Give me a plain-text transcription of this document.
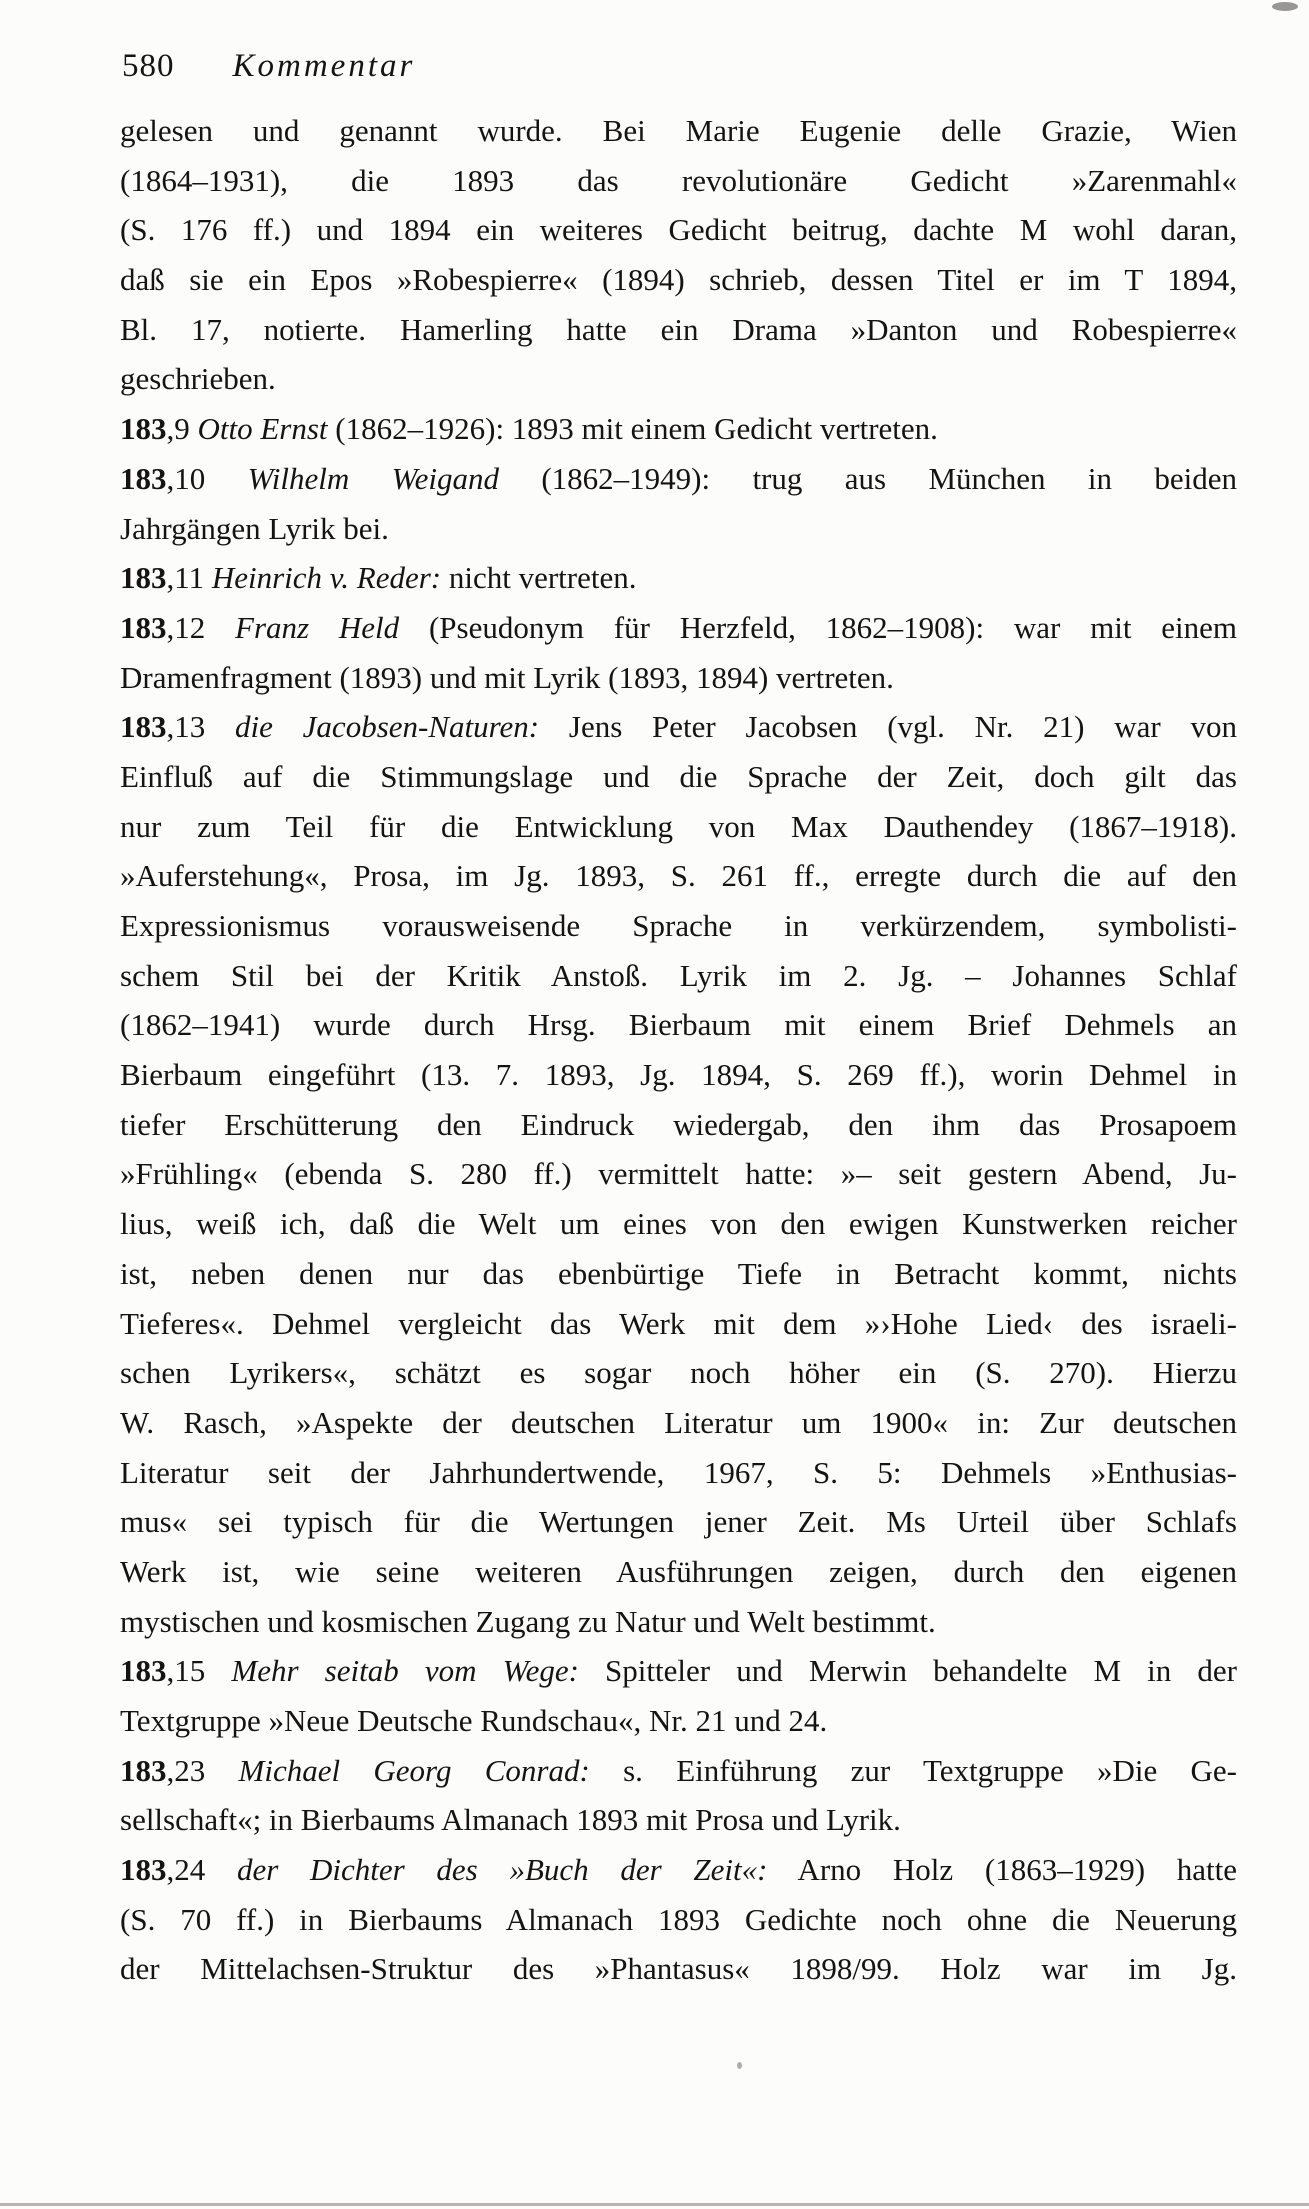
580 Kommentar
gelesen und genannt wurde. Bei Marie Eugenie delle Grazie, Wien
(1864–1931), die 1893 das revolutionäre Gedicht »Zarenmahl«
(S. 176 ff.) und 1894 ein weiteres Gedicht beitrug, dachte M wohl daran,
daß sie ein Epos »Robespierre« (1894) schrieb, dessen Titel er im T 1894,
Bl. 17, notierte. Hamerling hatte ein Drama »Danton und Robespierre«
geschrieben.
183,9 Otto Ernst (1862–1926): 1893 mit einem Gedicht vertreten.
183,10 Wilhelm Weigand (1862–1949): trug aus München in beiden
Jahrgängen Lyrik bei.
183,11 Heinrich v. Reder: nicht vertreten.
183,12 Franz Held (Pseudonym für Herzfeld, 1862–1908): war mit einem
Dramenfragment (1893) und mit Lyrik (1893, 1894) vertreten.
183,13 die Jacobsen-Naturen: Jens Peter Jacobsen (vgl. Nr. 21) war von
Einfluß auf die Stimmungslage und die Sprache der Zeit, doch gilt das
nur zum Teil für die Entwicklung von Max Dauthendey (1867–1918).
»Auferstehung«, Prosa, im Jg. 1893, S. 261 ff., erregte durch die auf den
Expressionismus vorausweisende Sprache in verkürzendem, symbolisti-
schem Stil bei der Kritik Anstoß. Lyrik im 2. Jg. – Johannes Schlaf
(1862–1941) wurde durch Hrsg. Bierbaum mit einem Brief Dehmels an
Bierbaum eingeführt (13. 7. 1893, Jg. 1894, S. 269 ff.), worin Dehmel in
tiefer Erschütterung den Eindruck wiedergab, den ihm das Prosapoem
»Frühling« (ebenda S. 280 ff.) vermittelt hatte: »– seit gestern Abend, Ju-
lius, weiß ich, daß die Welt um eines von den ewigen Kunstwerken reicher
ist, neben denen nur das ebenbürtige Tiefe in Betracht kommt, nichts
Tieferes«. Dehmel vergleicht das Werk mit dem »›Hohe Lied‹ des israeli-
schen Lyrikers«, schätzt es sogar noch höher ein (S. 270). Hierzu
W. Rasch, »Aspekte der deutschen Literatur um 1900« in: Zur deutschen
Literatur seit der Jahrhundertwende, 1967, S. 5: Dehmels »Enthusias-
mus« sei typisch für die Wertungen jener Zeit. Ms Urteil über Schlafs
Werk ist, wie seine weiteren Ausführungen zeigen, durch den eigenen
mystischen und kosmischen Zugang zu Natur und Welt bestimmt.
183,15 Mehr seitab vom Wege: Spitteler und Merwin behandelte M in der
Textgruppe »Neue Deutsche Rundschau«, Nr. 21 und 24.
183,23 Michael Georg Conrad: s. Einführung zur Textgruppe »Die Ge-
sellschaft«; in Bierbaums Almanach 1893 mit Prosa und Lyrik.
183,24 der Dichter des »Buch der Zeit«: Arno Holz (1863–1929) hatte
(S. 70 ff.) in Bierbaums Almanach 1893 Gedichte noch ohne die Neuerung
der Mittelachsen-Struktur des »Phantasus« 1898/99. Holz war im Jg.
